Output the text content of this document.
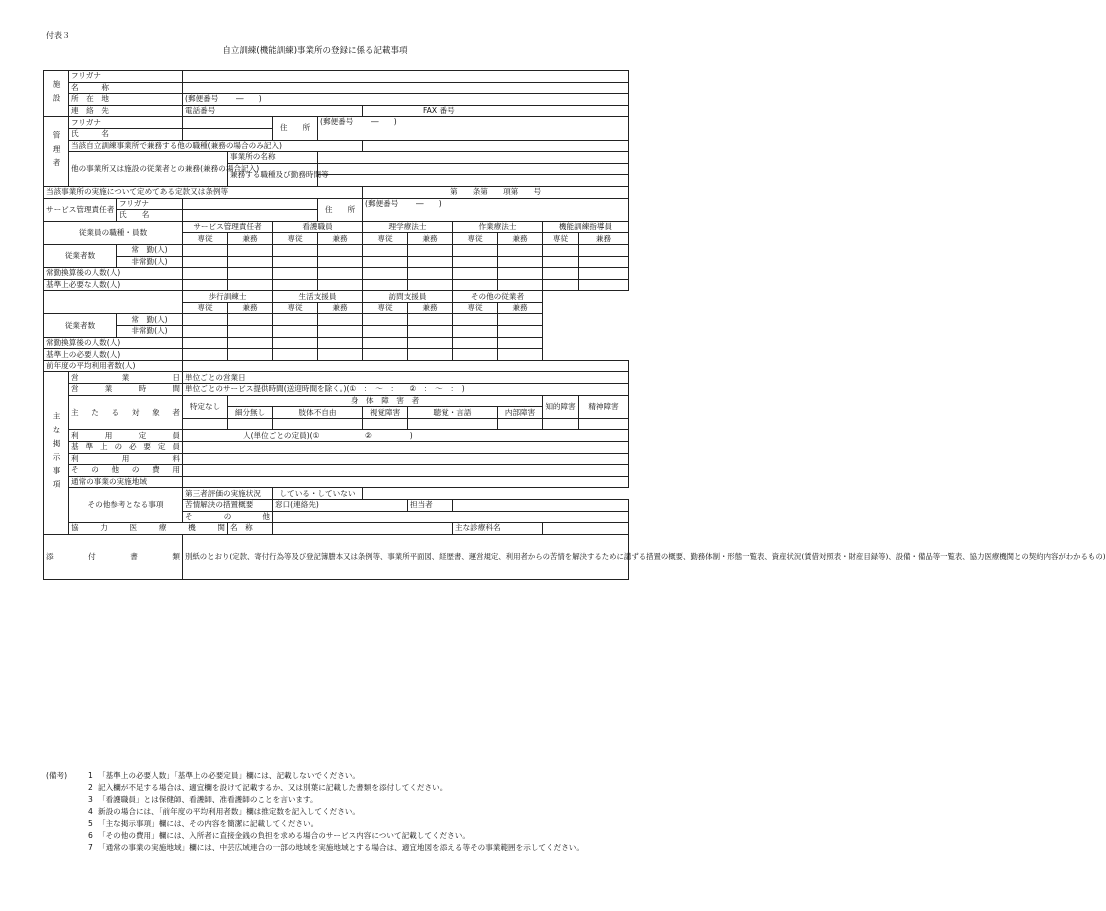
付表３
自立訓練(機能訓練)事業所の登録に係る記載事項
施設	フリガナ											
	名　　　称											
	所　在　地		(郵便番号　　 ―　　)									
	連　絡　先		電話番号				FAX 番号					
管理者	フリガナ				住　　所	(郵便番号　　 ―　　)						
	氏　　　名											
	当該自立訓練事業所で兼務する他の職種(兼務の場合のみ記入)											
	他の事業所又は施設の従業者との兼務(兼務の場合記入)			事業所の名称								
				兼務する職種及び勤務時間等								

当該事業所の実施について定めてある定款又は条例等							第　　条第　　項第　　号					
サービス管理責任者		フリガナ				住　　所	(郵便番号　　 ―　　)					
		氏　　名										
従業員の職種・員数			サービス管理責任者		看護職員		理学療法士		作業療法士		機能訓練指導員	
			専従	兼務	専従	兼務	専従	兼務	専従	兼務	専従	兼務
従業者数		常　勤(人)										
		非常勤(人)										
常勤換算後の人数(人)												
基準上必要な人数(人)												
			歩行訓練士		生活支援員		訪問支援員		その他の従業者			
			専従	兼務	専従	兼務	専従	兼務	専従	兼務		
従業者数		常　勤(人)										
		非常勤(人)										
常勤換算後の人数(人)												
基準上の必要人数(人)												
前年度の平均利用者数(人)												
主な掲示事項	営　　業　　日		単位ごとの営業日									
	営　業　時　間		単位ごとのサービス提供時間(送迎時間を除く。)(①　：　～　：　　②　：　～　：　)									
	主たる対象者		特定なし	身　体　障　害　者							知的障害	精神障害
				細分無し	肢体不自由		視覚障害	聴覚・言語		内部障害		

	利　用　定　員		人(単位ごとの定員)(①　　　　　　②　　　　　)									
	基準上の必要定員											
	利　用　料											
	その他の費用											
	通常の事業の実施地域											
	その他参考となる事項		第三者評価の実施状況		している・していない							
			苦情解決の措置概要		窓口(連絡先)			担当者				
			そ　　の　　他									
	協　力　医　療　機　関			名　称					主な診療科名			
添　　付　　書　　類			別紙のとおり(定款、寄付行為等及び登記簿謄本又は条例等、事業所平面図、経歴書、運営規定、利用者からの苦情を解決するために講ずる措置の概要、勤務体制・形態一覧表、資産状況(賃借対照表・財産目録等)、設備・備品等一覧表、協力医療機関との契約内容がわかるもの)									
(備考)	1 「基準上の必要人数」「基準上の必要定員」欄には、記載しないでください。
2 記入欄が不足する場合は、適宜欄を設けて記載するか、又は別葉に記載した書類を添付してください。
3 「看護職員」とは保健師、看護師、准看護師のことを言います。
4 新設の場合には、「前年度の平均利用者数」欄は推定数を記入してください。
5 「主な掲示事項」欄には、その内容を簡潔に記載してください。
6 「その他の費用」欄には、入所者に直接金銭の負担を求める場合のサービス内容について記載してください。
7 「通常の事業の実施地域」欄には、中芸広域連合の一部の地域を実施地域とする場合は、適宜地図を添える等その事業範囲を示してください。
